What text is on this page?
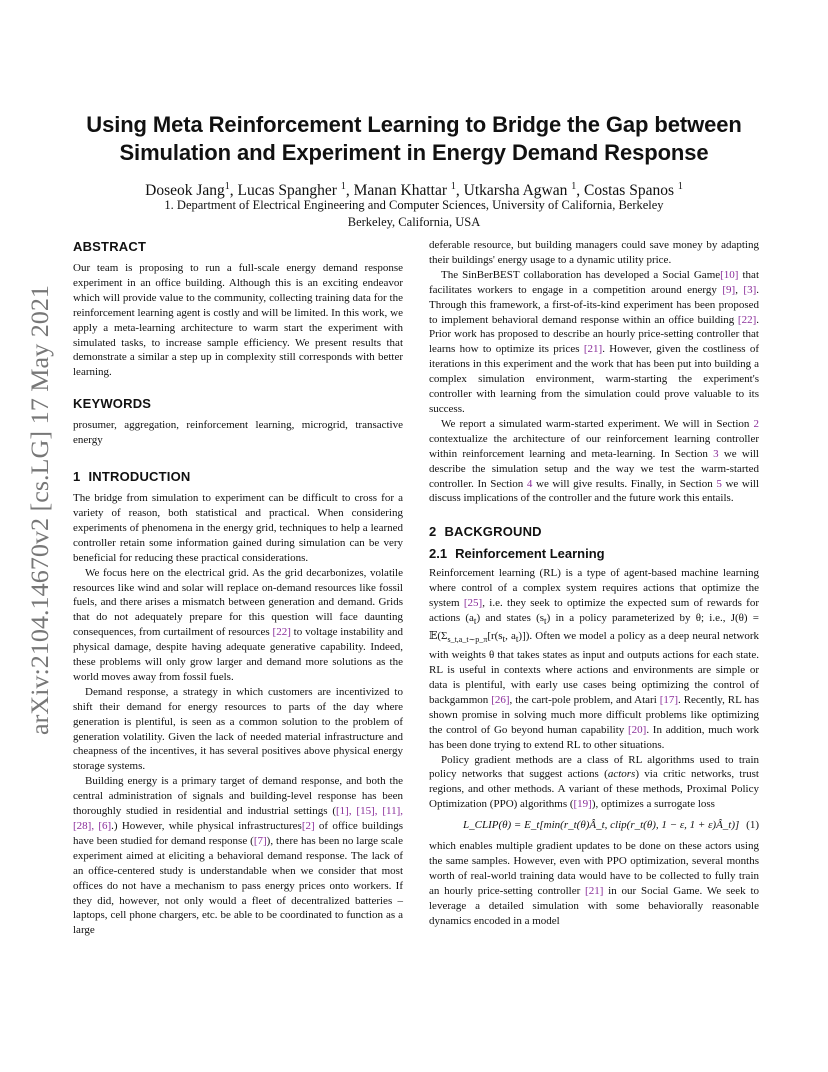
arXiv:2104.14670v2 [cs.LG] 17 May 2021
Using Meta Reinforcement Learning to Bridge the Gap between
Simulation and Experiment in Energy Demand Response
Doseok Jang$^1$, Lucas Spangher $^1$, Manan Khattar $^1$, Utkarsha Agwan $^1$, Costas Spanos $^1$
1. Department of Electrical Engineering and Computer Sciences, University of California, Berkeley
Berkeley, California, USA
ABSTRACT

Our team is proposing to run a full-scale energy demand response experiment in an office building. Although this is an exciting endeavor which will provide value to the community, collecting training data for the reinforcement learning agent is costly and will be limited. In this work, we apply a meta-learning architecture to warm start the experiment with simulated tasks, to increase sample efficiency. We present results that demonstrate a similar a step up in complexity still corresponds with better learning.

KEYWORDS

prosumer, aggregation, reinforcement learning, microgrid, transactive energy

1 INTRODUCTION

The bridge from simulation to experiment can be difficult to cross for a variety of reason, both statistical and practical. When considering experiments of phenomena in the energy grid, techniques to help a learned controller retain some information gained during simulation can be very beneficial for reducing these practical considerations.

We focus here on the electrical grid. As the grid decarbonizes, volatile resources like wind and solar will replace on-demand resources like fossil fuels, and there arises a mismatch between generation and demand. Grids that do not adequately prepare for this question will face daunting consequences, from curtailment of resources [22] to voltage instability and physical damage, despite having adequate generative capability. Indeed, these problems will only grow larger and demand more solutions as the world moves away from fossil fuels.

Demand response, a strategy in which customers are incentivized to shift their demand for energy resources to parts of the day where generation is plentiful, is seen as a common solution to the problem of generation volatility. Given the lack of needed material infrastructure and cheapness of the incentives, it has several positives above physical energy storage systems.

Building energy is a primary target of demand response, and both the central administration of signals and building-level response has been thoroughly studied in residential and industrial settings ([1], [15], [11], [28], [6].) However, while physical infrastructures[2] of office buildings have been studied for demand response ([7]), there has been no large scale experiment aimed at eliciting a behavioral demand response. The lack of an office-centered study is understandable when we consider that most offices do not have a mechanism to pass energy prices onto workers. If they did, however, not only would a fleet of decentralized batteries – laptops, cell phone chargers, etc. be able to be coordinated to function as a large

deferable resource, but building managers could save money by adapting their buildings' energy usage to a dynamic utility price.

The SinBerBEST collaboration has developed a Social Game[10] that facilitates workers to engage in a competition around energy [9], [3]. Through this framework, a first-of-its-kind experiment has been proposed to implement behavioral demand response within an office building [22]. Prior work has proposed to describe an hourly price-setting controller that learns how to optimize its prices [21]. However, given the costliness of iterations in this experiment and the work that has been put into building a complex simulation environment, warm-starting the experiment's controller with learning from the simulation could prove valuable to its success.

We report a simulated warm-started experiment. We will in Section 2 contextualize the architecture of our reinforcement learning controller within reinforcement learning and meta-learning. In Section 3 we will describe the simulation setup and the way we test the warm-started controller. In Section 4 we will give results. Finally, in Section 5 we will discuss implications of the controller and the future work this entails.

2 BACKGROUND
2.1 Reinforcement Learning

Reinforcement learning (RL) is a type of agent-based machine learning where control of a complex system requires actions that optimize the system [25], i.e. they seek to optimize the expected sum of rewards for actions $(a_t)$ and states $(s_t)$ in a policy parameterized by θ; i.e., $J(\theta) = 𝔼(\Sigma_{s\_t,a\_t\sim p\_\pi}[r(s_t$, $a_t$)]). Often we model a policy as a deep neural network with weights θ that takes states as input and outputs actions for each state. RL is useful in contexts where actions and environments are simple or data is plentiful, with early use cases being optimizing the control of backgammon [26], the cart-pole problem, and Atari [17]. Recently, RL has shown promise in solving much more difficult problems like optimizing the control of Go beyond human capability [20]. In addition, much work has been done trying to extend RL to other situations.

Policy gradient methods are a class of RL algorithms used to train policy networks that suggest actions (actors) via critic networks, trust regions, and other methods. A variant of these methods, Proximal Policy Optimization (PPO) algorithms ([19]), optimizes a surrogate loss

L_CLIP(θ) = E_t[min(r_t(θ)Â_t, clip(r_t(θ), 1 − ε, 1 + ε)Â_t)] (1)

which enables multiple gradient updates to be done on these actors using the same samples. However, even with PPO optimization, several months worth of real-world training data would have to be collected to fully train an hourly price-setting controller [21] in our Social Game. We seek to leverage a detailed simulation with some behaviorally reasonable dynamics encoded in a model
